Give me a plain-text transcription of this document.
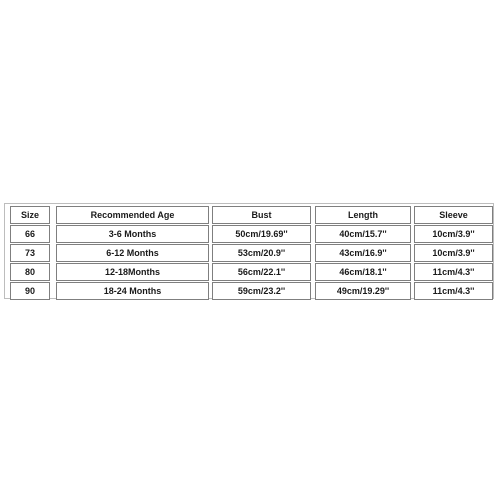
Size	Recommended Age	Bust	Length	Sleeve
66	3-6 Months	50cm/19.69''	40cm/15.7''	10cm/3.9''
73	6-12 Months	53cm/20.9''	43cm/16.9''	10cm/3.9''
80	12-18Months	56cm/22.1''	46cm/18.1''	11cm/4.3''
90	18-24 Months	59cm/23.2''	49cm/19.29''	11cm/4.3''
